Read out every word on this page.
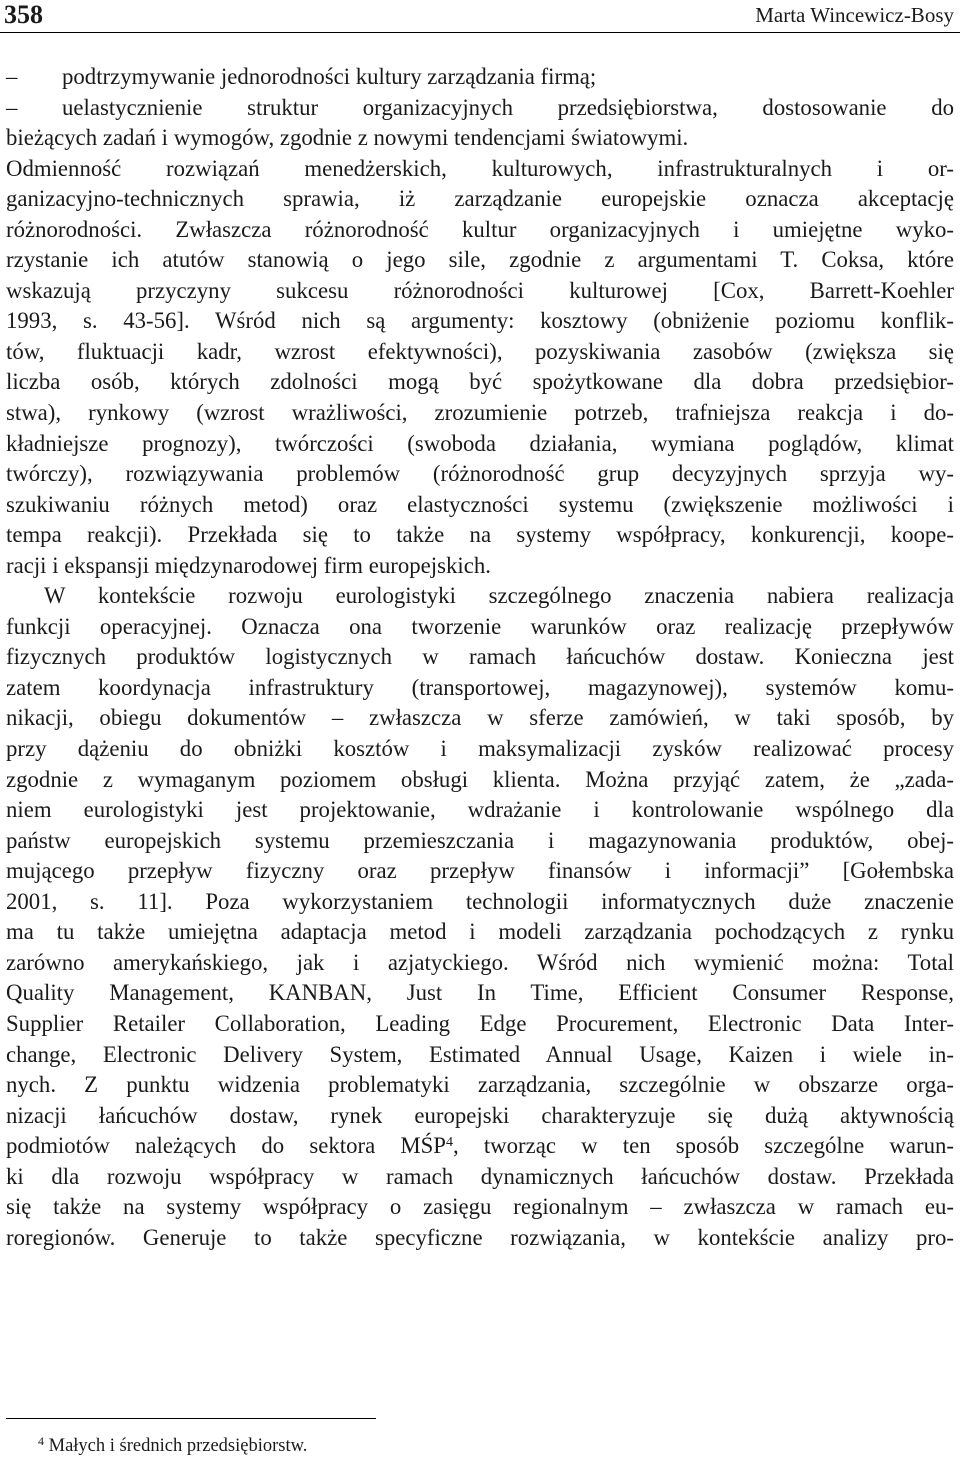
358	Marta Wincewicz-Bosy
– podtrzymywanie jednorodności kultury zarządzania firmą;
– uelastycznienie struktur organizacyjnych przedsiębiorstwa, dostosowanie do
bieżących zadań i wymogów, zgodnie z nowymi tendencjami światowymi.
Odmienność rozwiązań menedżerskich, kulturowych, infrastrukturalnych i or-
ganizacyjno-technicznych sprawia, iż zarządzanie europejskie oznacza akceptację
różnorodności. Zwłaszcza różnorodność kultur organizacyjnych i umiejętne wyko-
rzystanie ich atutów stanowią o jego sile, zgodnie z argumentami T. Coksa, które
wskazują przyczyny sukcesu różnorodności kulturowej [Cox, Barrett-Koehler
1993, s. 43-56]. Wśród nich są argumenty: kosztowy (obniżenie poziomu konflik-
tów, fluktuacji kadr, wzrost efektywności), pozyskiwania zasobów (zwiększa się
liczba osób, których zdolności mogą być spożytkowane dla dobra przedsiębior-
stwa), rynkowy (wzrost wrażliwości, zrozumienie potrzeb, trafniejsza reakcja i do-
kładniejsze prognozy), twórczości (swoboda działania, wymiana poglądów, klimat
twórczy), rozwiązywania problemów (różnorodność grup decyzyjnych sprzyja wy-
szukiwaniu różnych metod) oraz elastyczności systemu (zwiększenie możliwości i
tempa reakcji). Przekłada się to także na systemy współpracy, konkurencji, koope-
racji i ekspansji międzynarodowej firm europejskich.
W kontekście rozwoju eurologistyki szczególnego znaczenia nabiera realizacja
funkcji operacyjnej. Oznacza ona tworzenie warunków oraz realizację przepływów
fizycznych produktów logistycznych w ramach łańcuchów dostaw. Konieczna jest
zatem koordynacja infrastruktury (transportowej, magazynowej), systemów komu-
nikacji, obiegu dokumentów – zwłaszcza w sferze zamówień, w taki sposób, by
przy dążeniu do obniżki kosztów i maksymalizacji zysków realizować procesy
zgodnie z wymaganym poziomem obsługi klienta. Można przyjąć zatem, że „zada-
niem eurologistyki jest projektowanie, wdrażanie i kontrolowanie wspólnego dla
państw europejskich systemu przemieszczania i magazynowania produktów, obej-
mującego przepływ fizyczny oraz przepływ finansów i informacji” [Gołembska
2001, s. 11]. Poza wykorzystaniem technologii informatycznych duże znaczenie
ma tu także umiejętna adaptacja metod i modeli zarządzania pochodzących z rynku
zarówno amerykańskiego, jak i azjatyckiego. Wśród nich wymienić można: Total
Quality Management, KANBAN, Just In Time, Efficient Consumer Response,
Supplier Retailer Collaboration, Leading Edge Procurement, Electronic Data Inter-
change, Electronic Delivery System, Estimated Annual Usage, Kaizen i wiele in-
nych. Z punktu widzenia problematyki zarządzania, szczególnie w obszarze orga-
nizacji łańcuchów dostaw, rynek europejski charakteryzuje się dużą aktywnością
podmiotów należących do sektora MŚP$^4$, tworząc w ten sposób szczególne warun-
ki dla rozwoju współpracy w ramach dynamicznych łańcuchów dostaw. Przekłada
się także na systemy współpracy o zasięgu regionalnym – zwłaszcza w ramach eu-
roregionów. Generuje to także specyficzne rozwiązania, w kontekście analizy pro-
$^4$ Małych i średnich przedsiębiorstw.
